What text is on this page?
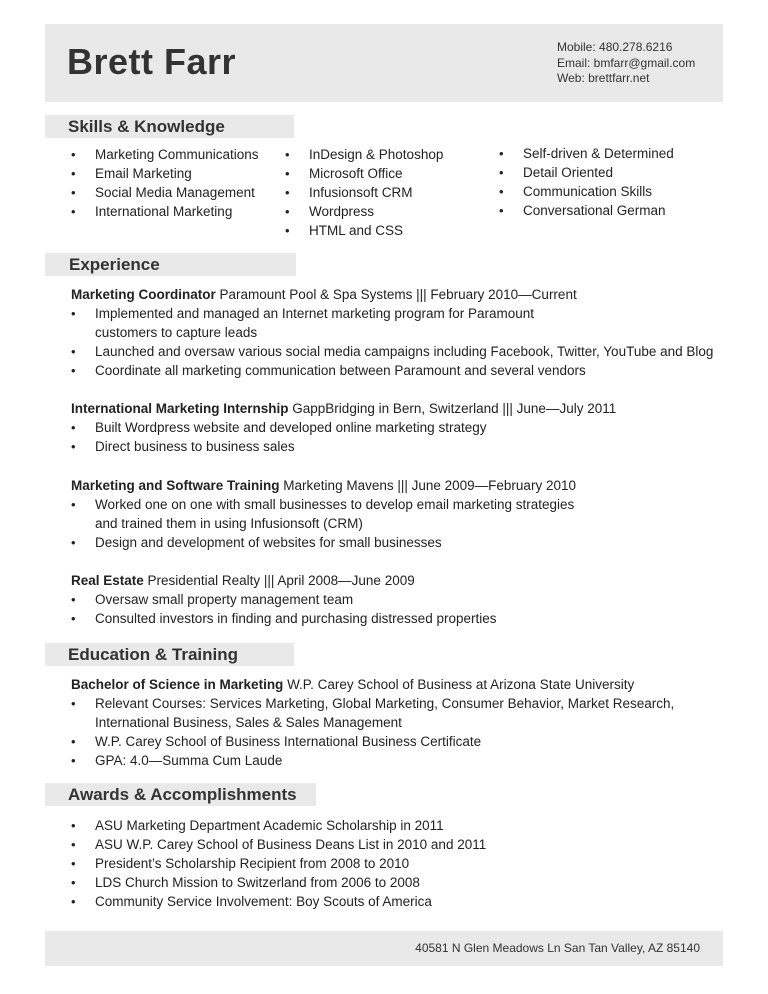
Brett Farr	Mobile: 480.278.6216
Email: bmfarr@gmail.com
Web: brettfarr.net
Skills & Knowledge
• Marketing Communications
• Email Marketing
• Social Media Management
• International Marketing
• InDesign & Photoshop
• Microsoft Office
• Infusionsoft CRM
• Wordpress
• HTML and CSS
• Self-driven & Determined
• Detail Oriented
• Communication Skills
• Conversational German
Experience
Marketing Coordinator Paramount Pool & Spa Systems ||| February 2010—Current
• Implemented and managed an Internet marketing program for Paramount
customers to capture leads
• Launched and oversaw various social media campaigns including Facebook, Twitter, YouTube and Blog
• Coordinate all marketing communication between Paramount and several vendors
International Marketing Internship GappBridging in Bern, Switzerland ||| June—July 2011
• Built Wordpress website and developed online marketing strategy
• Direct business to business sales
Marketing and Software Training Marketing Mavens ||| June 2009—February 2010
• Worked one on one with small businesses to develop email marketing strategies
and trained them in using Infusionsoft (CRM)
• Design and development of websites for small businesses
Real Estate Presidential Realty ||| April 2008—June 2009
• Oversaw small property management team
• Consulted investors in finding and purchasing distressed properties
Education & Training
Bachelor of Science in Marketing W.P. Carey School of Business at Arizona State University
• Relevant Courses: Services Marketing, Global Marketing, Consumer Behavior, Market Research,
International Business, Sales & Sales Management
• W.P. Carey School of Business International Business Certificate
• GPA: 4.0—Summa Cum Laude
Awards & Accomplishments
• ASU Marketing Department Academic Scholarship in 2011
• ASU W.P. Carey School of Business Deans List in 2010 and 2011
• President’s Scholarship Recipient from 2008 to 2010
• LDS Church Mission to Switzerland from 2006 to 2008
• Community Service Involvement: Boy Scouts of America
40581 N Glen Meadows Ln San Tan Valley, AZ 85140
